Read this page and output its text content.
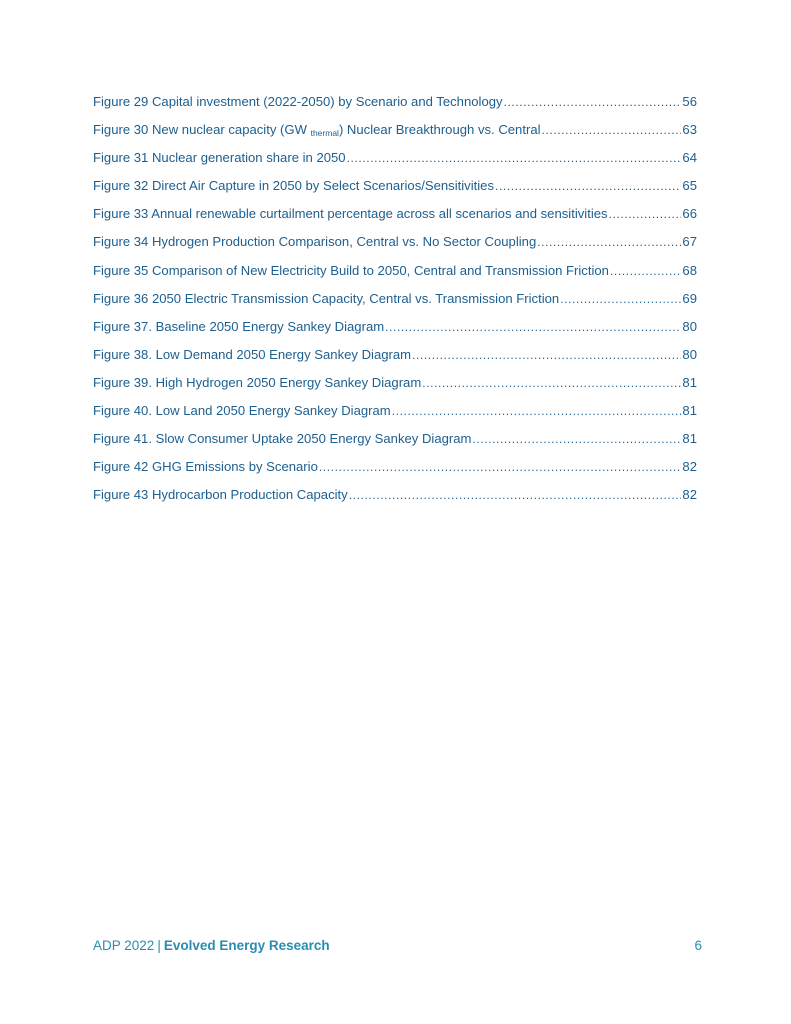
Figure 29 Capital investment (2022-2050) by Scenario and Technology .....	56
Figure 30 New nuclear capacity (GW $_{thermal}$) Nuclear Breakthrough vs. Central .....	63
Figure 31 Nuclear generation share in 2050 .....	64
Figure 32 Direct Air Capture in 2050 by Select Scenarios/Sensitivities .....	65
Figure 33 Annual renewable curtailment percentage across all scenarios and sensitivities .....	66
Figure 34 Hydrogen Production Comparison, Central vs. No Sector Coupling .....	67
Figure 35 Comparison of New Electricity Build to 2050, Central and Transmission Friction .....	68
Figure 36 2050 Electric Transmission Capacity, Central vs. Transmission Friction .....	69
Figure 37. Baseline 2050 Energy Sankey Diagram .....	80
Figure 38. Low Demand 2050 Energy Sankey Diagram .....	80
Figure 39. High Hydrogen 2050 Energy Sankey Diagram .....	81
Figure 40. Low Land 2050 Energy Sankey Diagram .....	81
Figure 41. Slow Consumer Uptake 2050 Energy Sankey Diagram .....	81
Figure 42 GHG Emissions by Scenario .....	82
Figure 43 Hydrocarbon Production Capacity .....	82
ADP 2022 | Evolved Energy Research	6
